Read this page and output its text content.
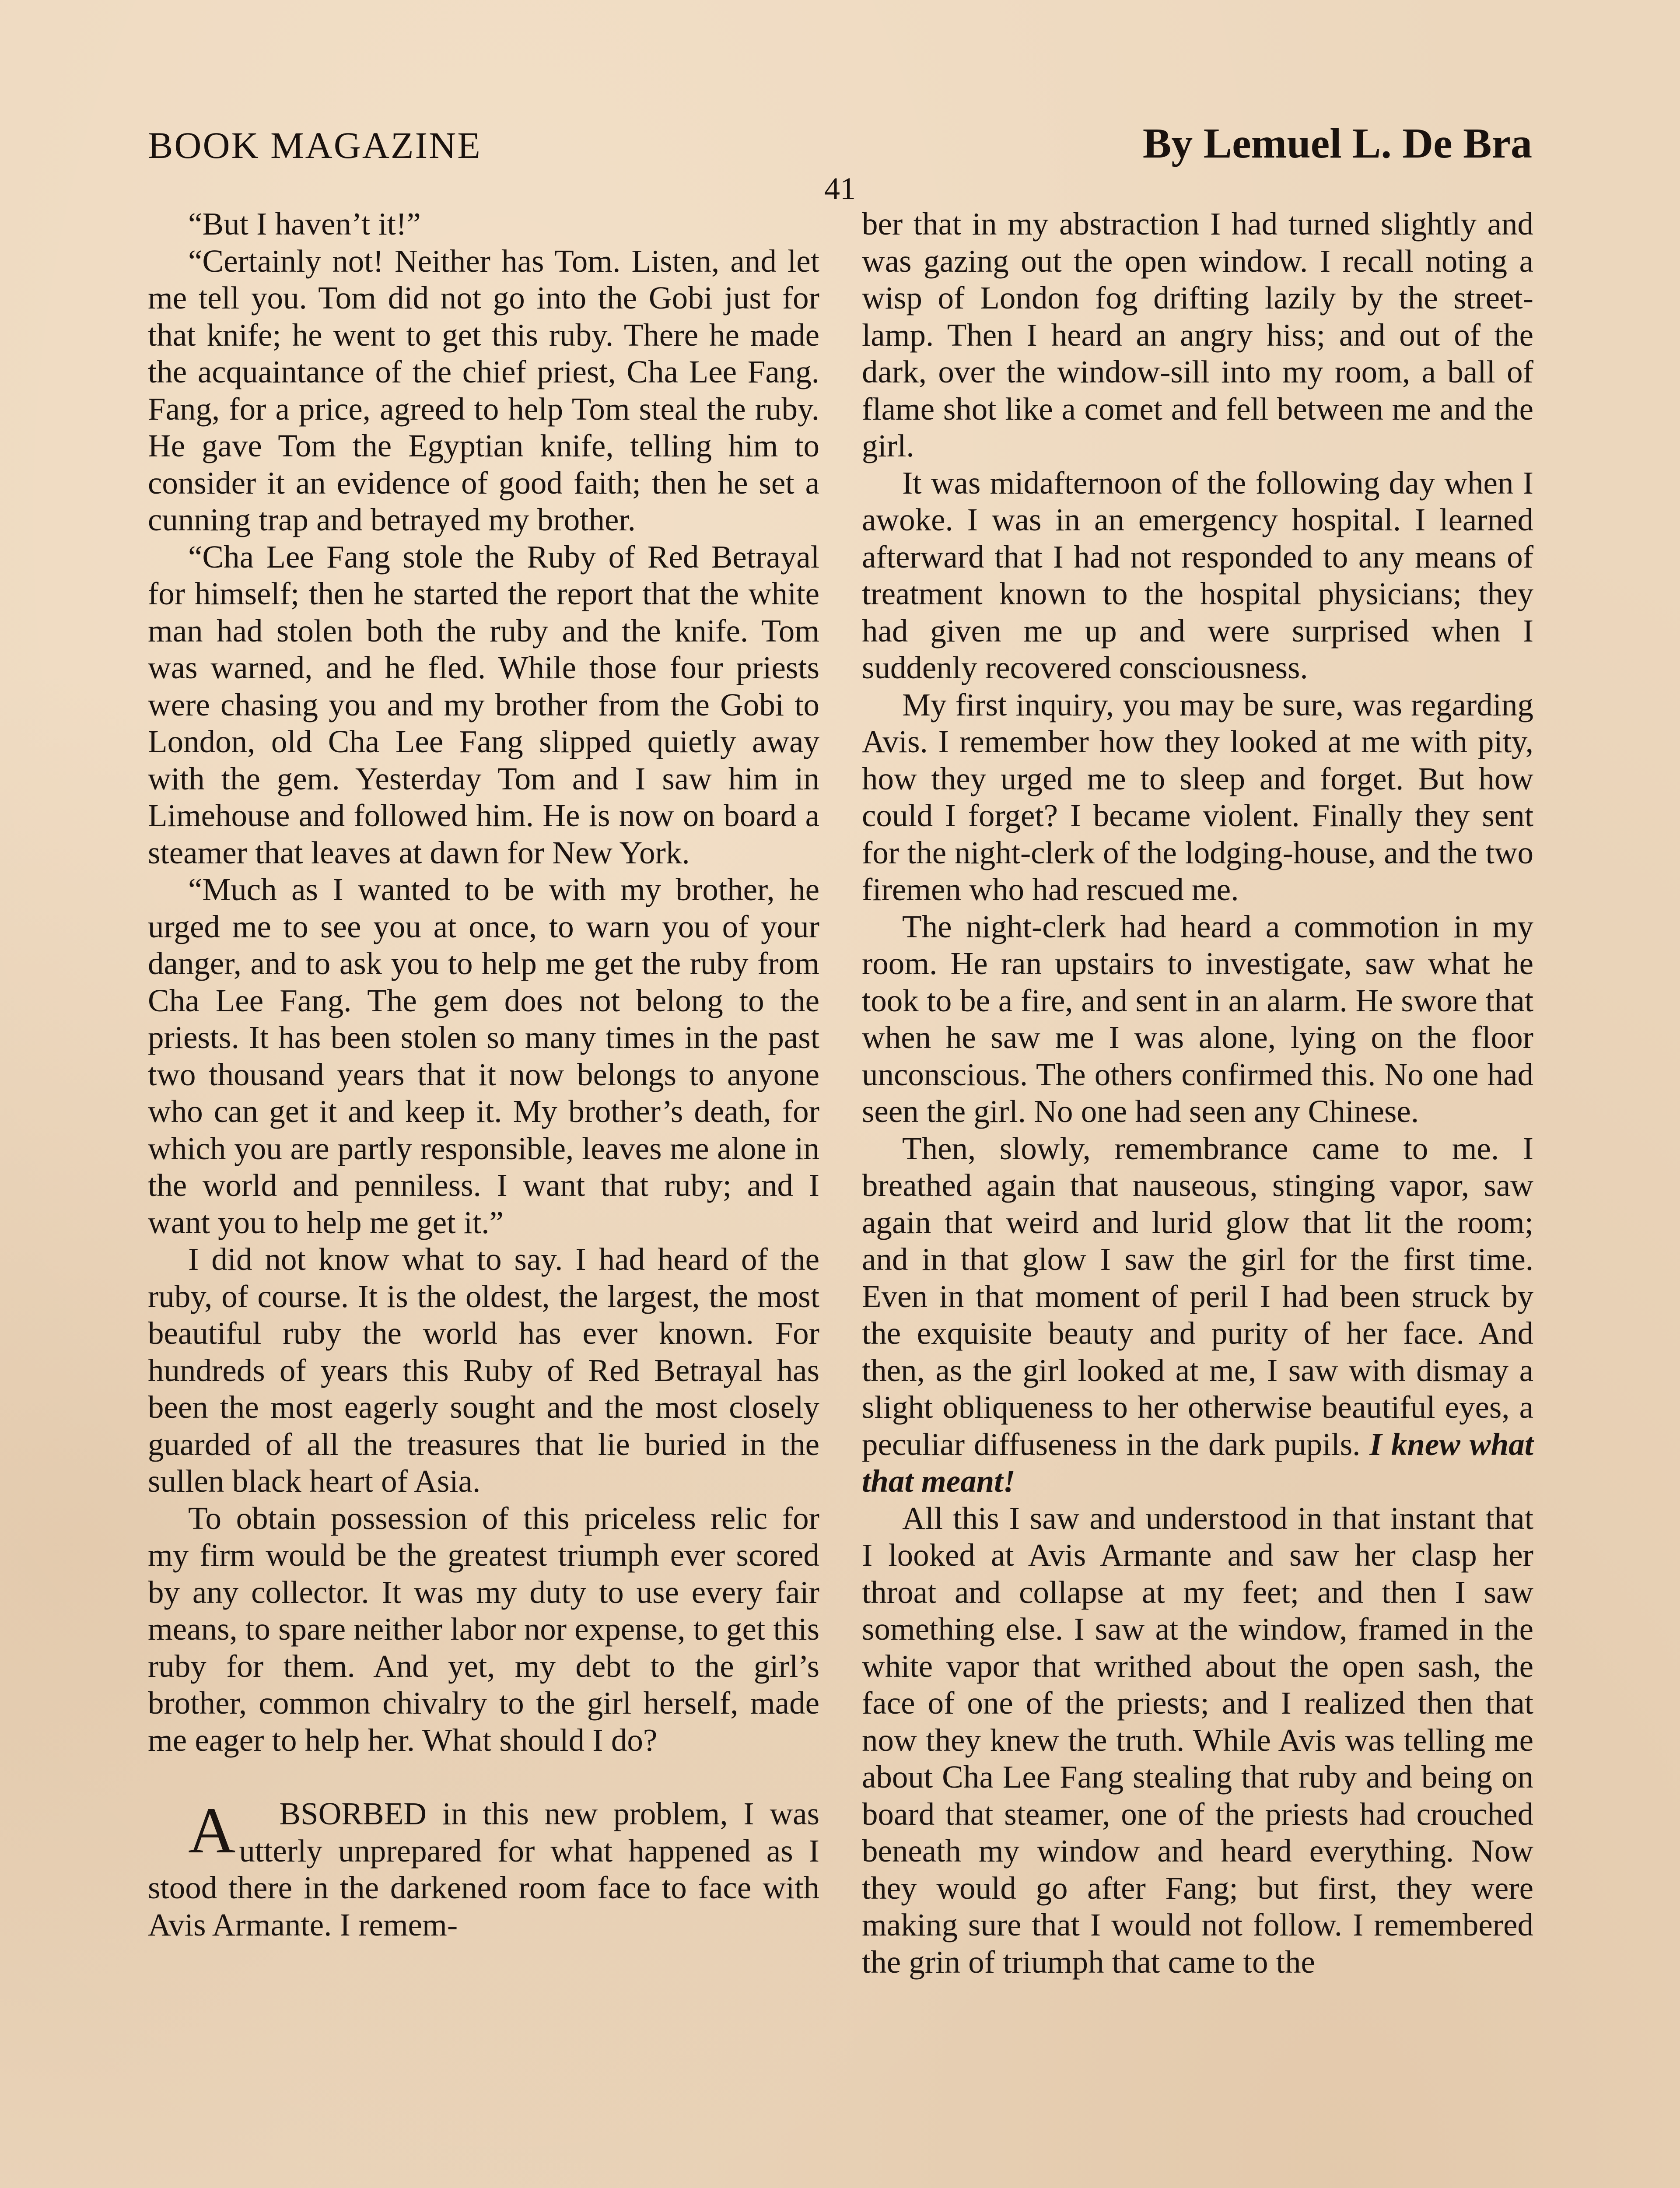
BOOK MAGAZINE	By Lemuel L. De Bra
41

“But I haven’t it!”

“Certainly not! Neither has Tom. Listen, and let me tell you. Tom did not go into the Gobi just for that knife; he went to get this ruby. There he made the acquaintance of the chief priest, Cha Lee Fang. Fang, for a price, agreed to help Tom steal the ruby. He gave Tom the Egyptian knife, telling him to consider it an evidence of good faith; then he set a cunning trap and betrayed my brother.

“Cha Lee Fang stole the Ruby of Red Betrayal for himself; then he started the report that the white man had stolen both the ruby and the knife. Tom was warned, and he fled. While those four priests were chasing you and my brother from the Gobi to London, old Cha Lee Fang slipped quietly away with the gem. Yesterday Tom and I saw him in Limehouse and followed him. He is now on board a steamer that leaves at dawn for New York.

“Much as I wanted to be with my brother, he urged me to see you at once, to warn you of your danger, and to ask you to help me get the ruby from Cha Lee Fang. The gem does not belong to the priests. It has been stolen so many times in the past two thousand years that it now belongs to anyone who can get it and keep it. My brother’s death, for which you are partly responsible, leaves me alone in the world and penniless. I want that ruby; and I want you to help me get it.”

I did not know what to say. I had heard of the ruby, of course. It is the oldest, the largest, the most beautiful ruby the world has ever known. For hundreds of years this Ruby of Red Betrayal has been the most eagerly sought and the most closely guarded of all the treasures that lie buried in the sullen black heart of Asia.

To obtain possession of this priceless relic for my firm would be the greatest triumph ever scored by any collector. It was my duty to use every fair means, to spare neither labor nor expense, to get this ruby for them. And yet, my debt to the girl’s brother, common chivalry to the girl herself, made me eager to help her. What should I do?

A BSORBED in this new problem, I was utterly unprepared for what happened as I stood there in the darkened room face to face with Avis Armante. I remem-

ber that in my abstraction I had turned slightly and was gazing out the open window. I recall noting a wisp of London fog drifting lazily by the street-lamp. Then I heard an angry hiss; and out of the dark, over the window-sill into my room, a ball of flame shot like a comet and fell between me and the girl.

It was midafternoon of the following day when I awoke. I was in an emergency hospital. I learned afterward that I had not responded to any means of treatment known to the hospital physicians; they had given me up and were surprised when I suddenly recovered consciousness.

My first inquiry, you may be sure, was regarding Avis. I remember how they looked at me with pity, how they urged me to sleep and forget. But how could I forget? I became violent. Finally they sent for the night-clerk of the lodging-house, and the two firemen who had rescued me.

The night-clerk had heard a commotion in my room. He ran upstairs to investigate, saw what he took to be a fire, and sent in an alarm. He swore that when he saw me I was alone, lying on the floor unconscious. The others confirmed this. No one had seen the girl. No one had seen any Chinese.

Then, slowly, remembrance came to me. I breathed again that nauseous, stinging vapor, saw again that weird and lurid glow that lit the room; and in that glow I saw the girl for the first time. Even in that moment of peril I had been struck by the exquisite beauty and purity of her face. And then, as the girl looked at me, I saw with dismay a slight obliqueness to her otherwise beautiful eyes, a peculiar diffuseness in the dark pupils. I knew what that meant!

All this I saw and understood in that instant that I looked at Avis Armante and saw her clasp her throat and collapse at my feet; and then I saw something else. I saw at the window, framed in the white vapor that writhed about the open sash, the face of one of the priests; and I realized then that now they knew the truth. While Avis was telling me about Cha Lee Fang stealing that ruby and being on board that steamer, one of the priests had crouched beneath my window and heard everything. Now they would go after Fang; but first, they were making sure that I would not follow. I remembered the grin of triumph that came to the
